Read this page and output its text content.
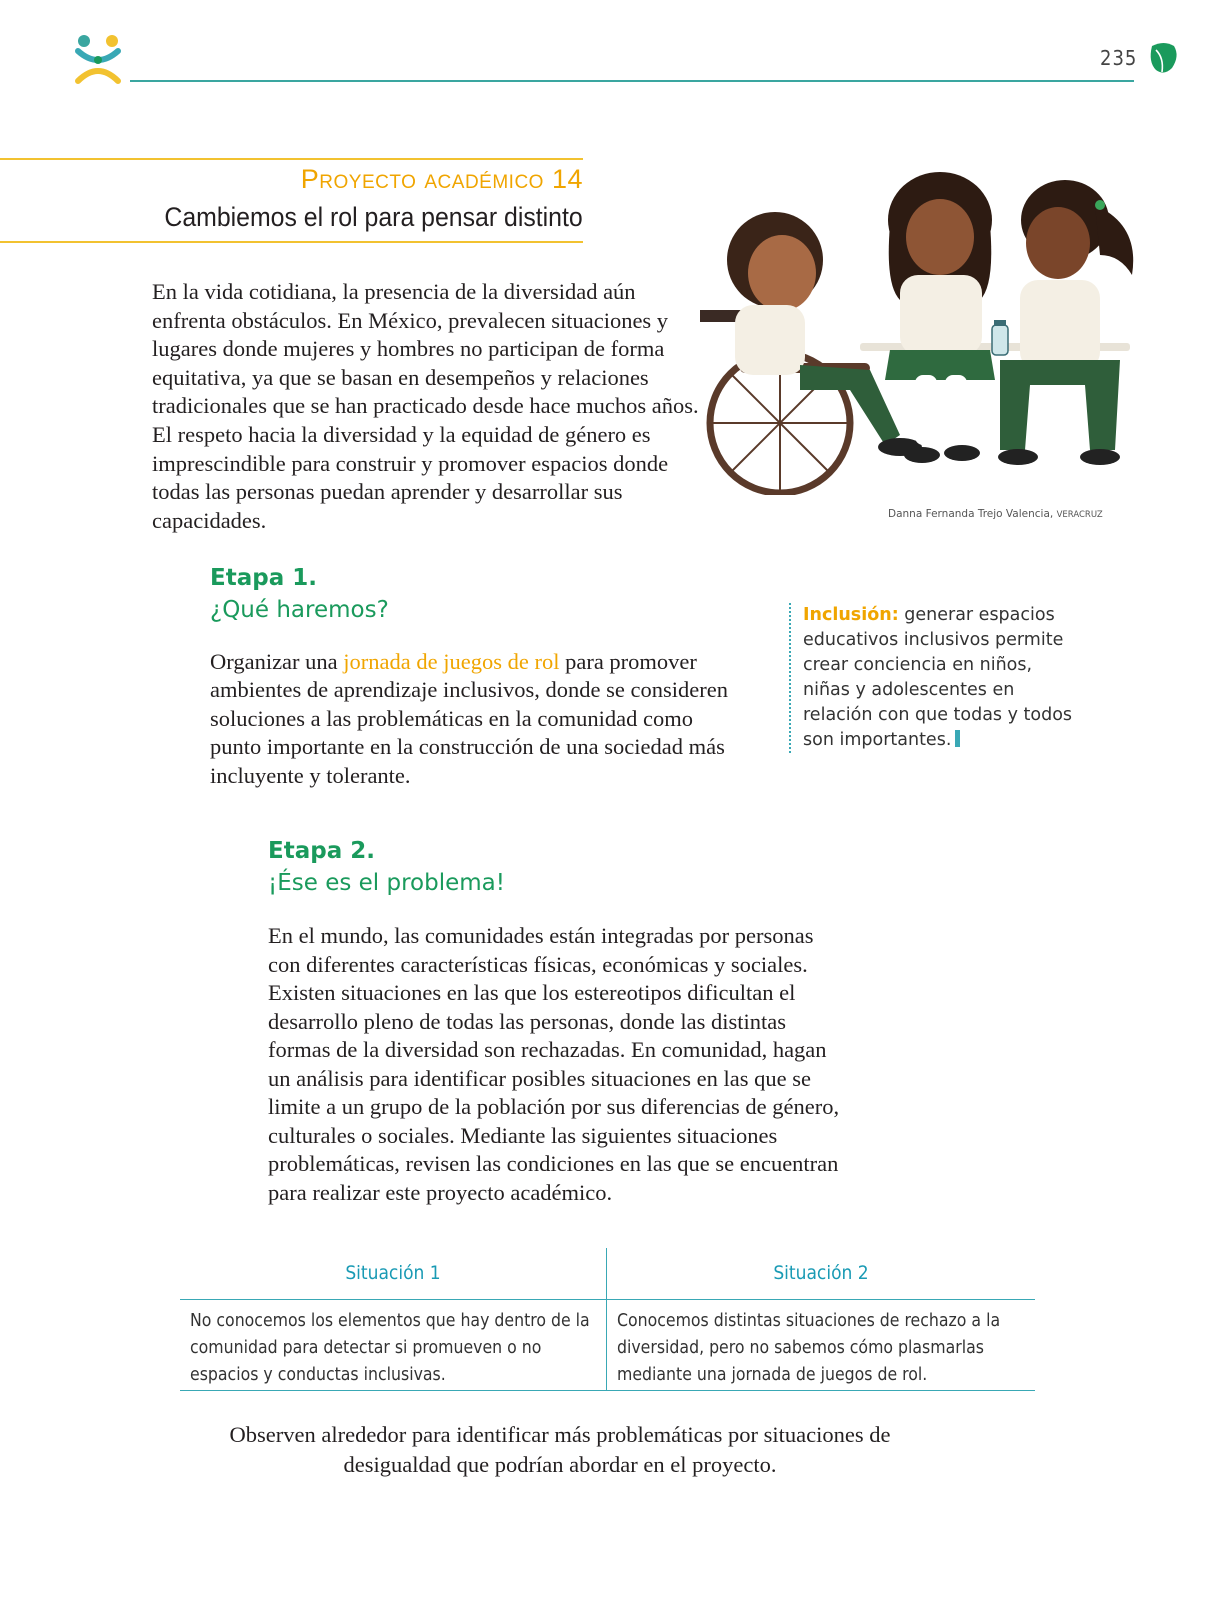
235
Proyecto académico 14
Cambiemos el rol para pensar distinto

En la vida cotidiana, la presencia de la diversidad aún enfrenta obstáculos. En México, prevalecen situaciones y lugares donde mujeres y hombres no participan de forma equitativa, ya que se basan en desempeños y relaciones tradicionales que se han practicado desde hace muchos años. El respeto hacia la diversidad y la equidad de género es imprescindible para construir y promover espacios donde todas las personas puedan aprender y desarrollar sus capacidades.	Danna Fernanda Trejo Valencia, VERACRUZ
Etapa 1.
¿Qué haremos?

Organizar una jornada de juegos de rol para promover ambientes de aprendizaje inclusivos, donde se consideren soluciones a las problemáticas en la comunidad como punto importante en la construcción de una sociedad más incluyente y tolerante.

Inclusión: generar espacios educativos inclusivos permite crear conciencia en niños, niñas y adolescentes en relación con que todas y todos son importantes.
Etapa 2.
¡Ése es el problema!

En el mundo, las comunidades están integradas por personas con diferentes características físicas, económicas y sociales. Existen situaciones en las que los estereotipos dificultan el desarrollo pleno de todas las personas, donde las distintas formas de la diversidad son rechazadas. En comunidad, hagan un análisis para identificar posibles situaciones en las que se limite a un grupo de la población por sus diferencias de género, culturales o sociales. Mediante las siguientes situaciones problemáticas, revisen las condiciones en las que se encuentran para realizar este proyecto académico.

Situación 1	Situación 2
No conocemos los elementos que hay dentro de la comunidad para detectar si promueven o no espacios y conductas inclusivas.
Conocemos distintas situaciones de rechazo a la diversidad, pero no sabemos cómo plasmarlas mediante una jornada de juegos de rol.

Observen alrededor para identificar más problemáticas por situaciones de desigualdad que podrían abordar en el proyecto.
